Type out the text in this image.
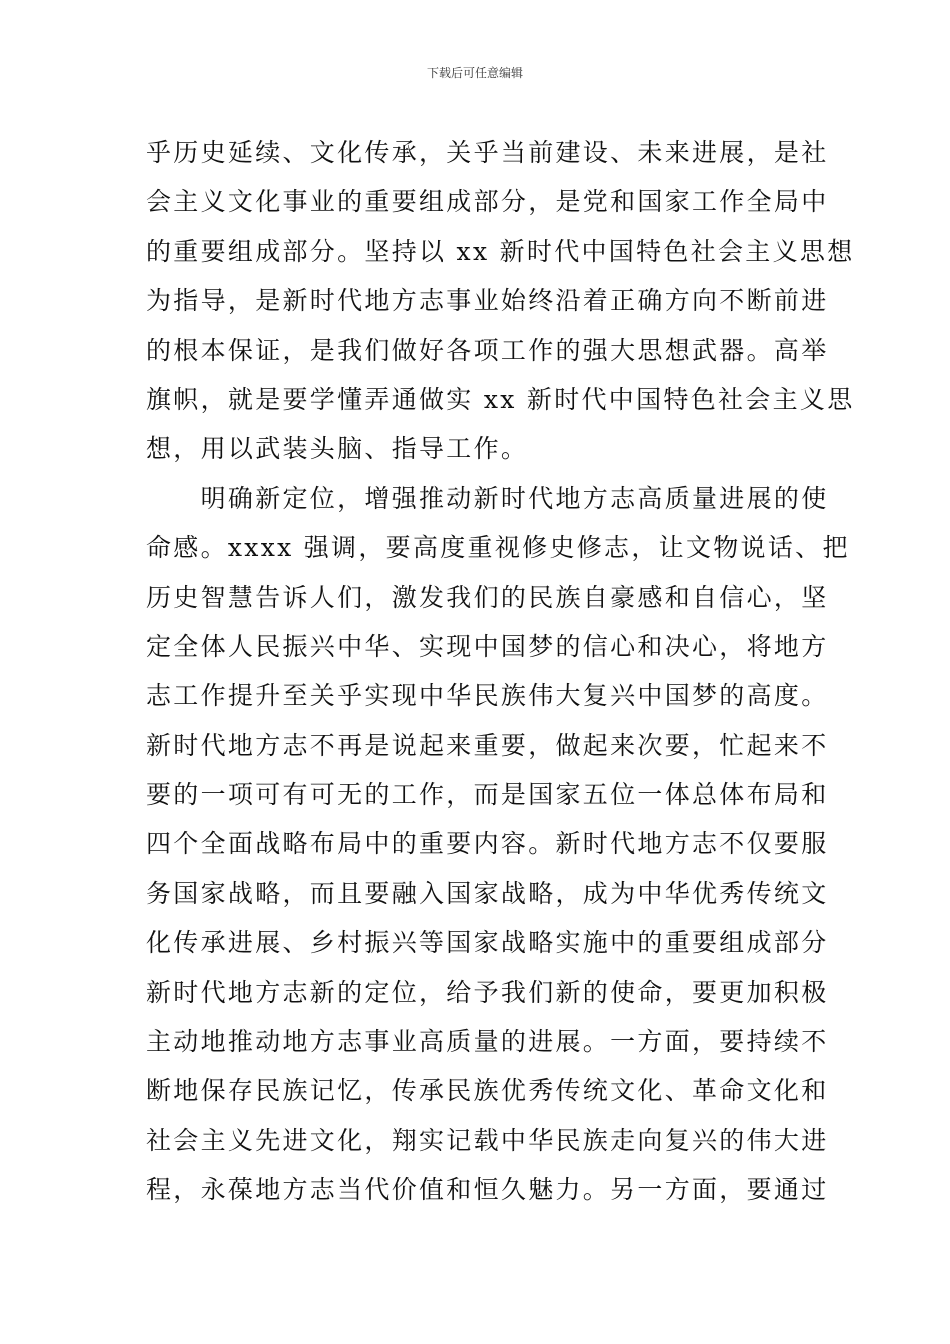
下载后可任意编辑
乎历史延续、文化传承，关乎当前建设、未来进展，是社
会主义文化事业的重要组成部分，是党和国家工作全局中
的重要组成部分。坚持以 xx 新时代中国特色社会主义思想
为指导，是新时代地方志事业始终沿着正确方向不断前进
的根本保证，是我们做好各项工作的强大思想武器。高举
旗帜，就是要学懂弄通做实 xx 新时代中国特色社会主义思
想，用以武装头脑、指导工作。
　　明确新定位，增强推动新时代地方志高质量进展的使
命感。xxxx 强调，要高度重视修史修志，让文物说话、把
历史智慧告诉人们，激发我们的民族自豪感和自信心，坚
定全体人民振兴中华、实现中国梦的信心和决心，将地方
志工作提升至关乎实现中华民族伟大复兴中国梦的高度。
新时代地方志不再是说起来重要，做起来次要，忙起来不
要的一项可有可无的工作，而是国家五位一体总体布局和
四个全面战略布局中的重要内容。新时代地方志不仅要服
务国家战略，而且要融入国家战略，成为中华优秀传统文
化传承进展、乡村振兴等国家战略实施中的重要组成部分
新时代地方志新的定位，给予我们新的使命，要更加积极
主动地推动地方志事业高质量的进展。一方面，要持续不
断地保存民族记忆，传承民族优秀传统文化、革命文化和
社会主义先进文化，翔实记载中华民族走向复兴的伟大进
程，永葆地方志当代价值和恒久魅力。另一方面，要通过
